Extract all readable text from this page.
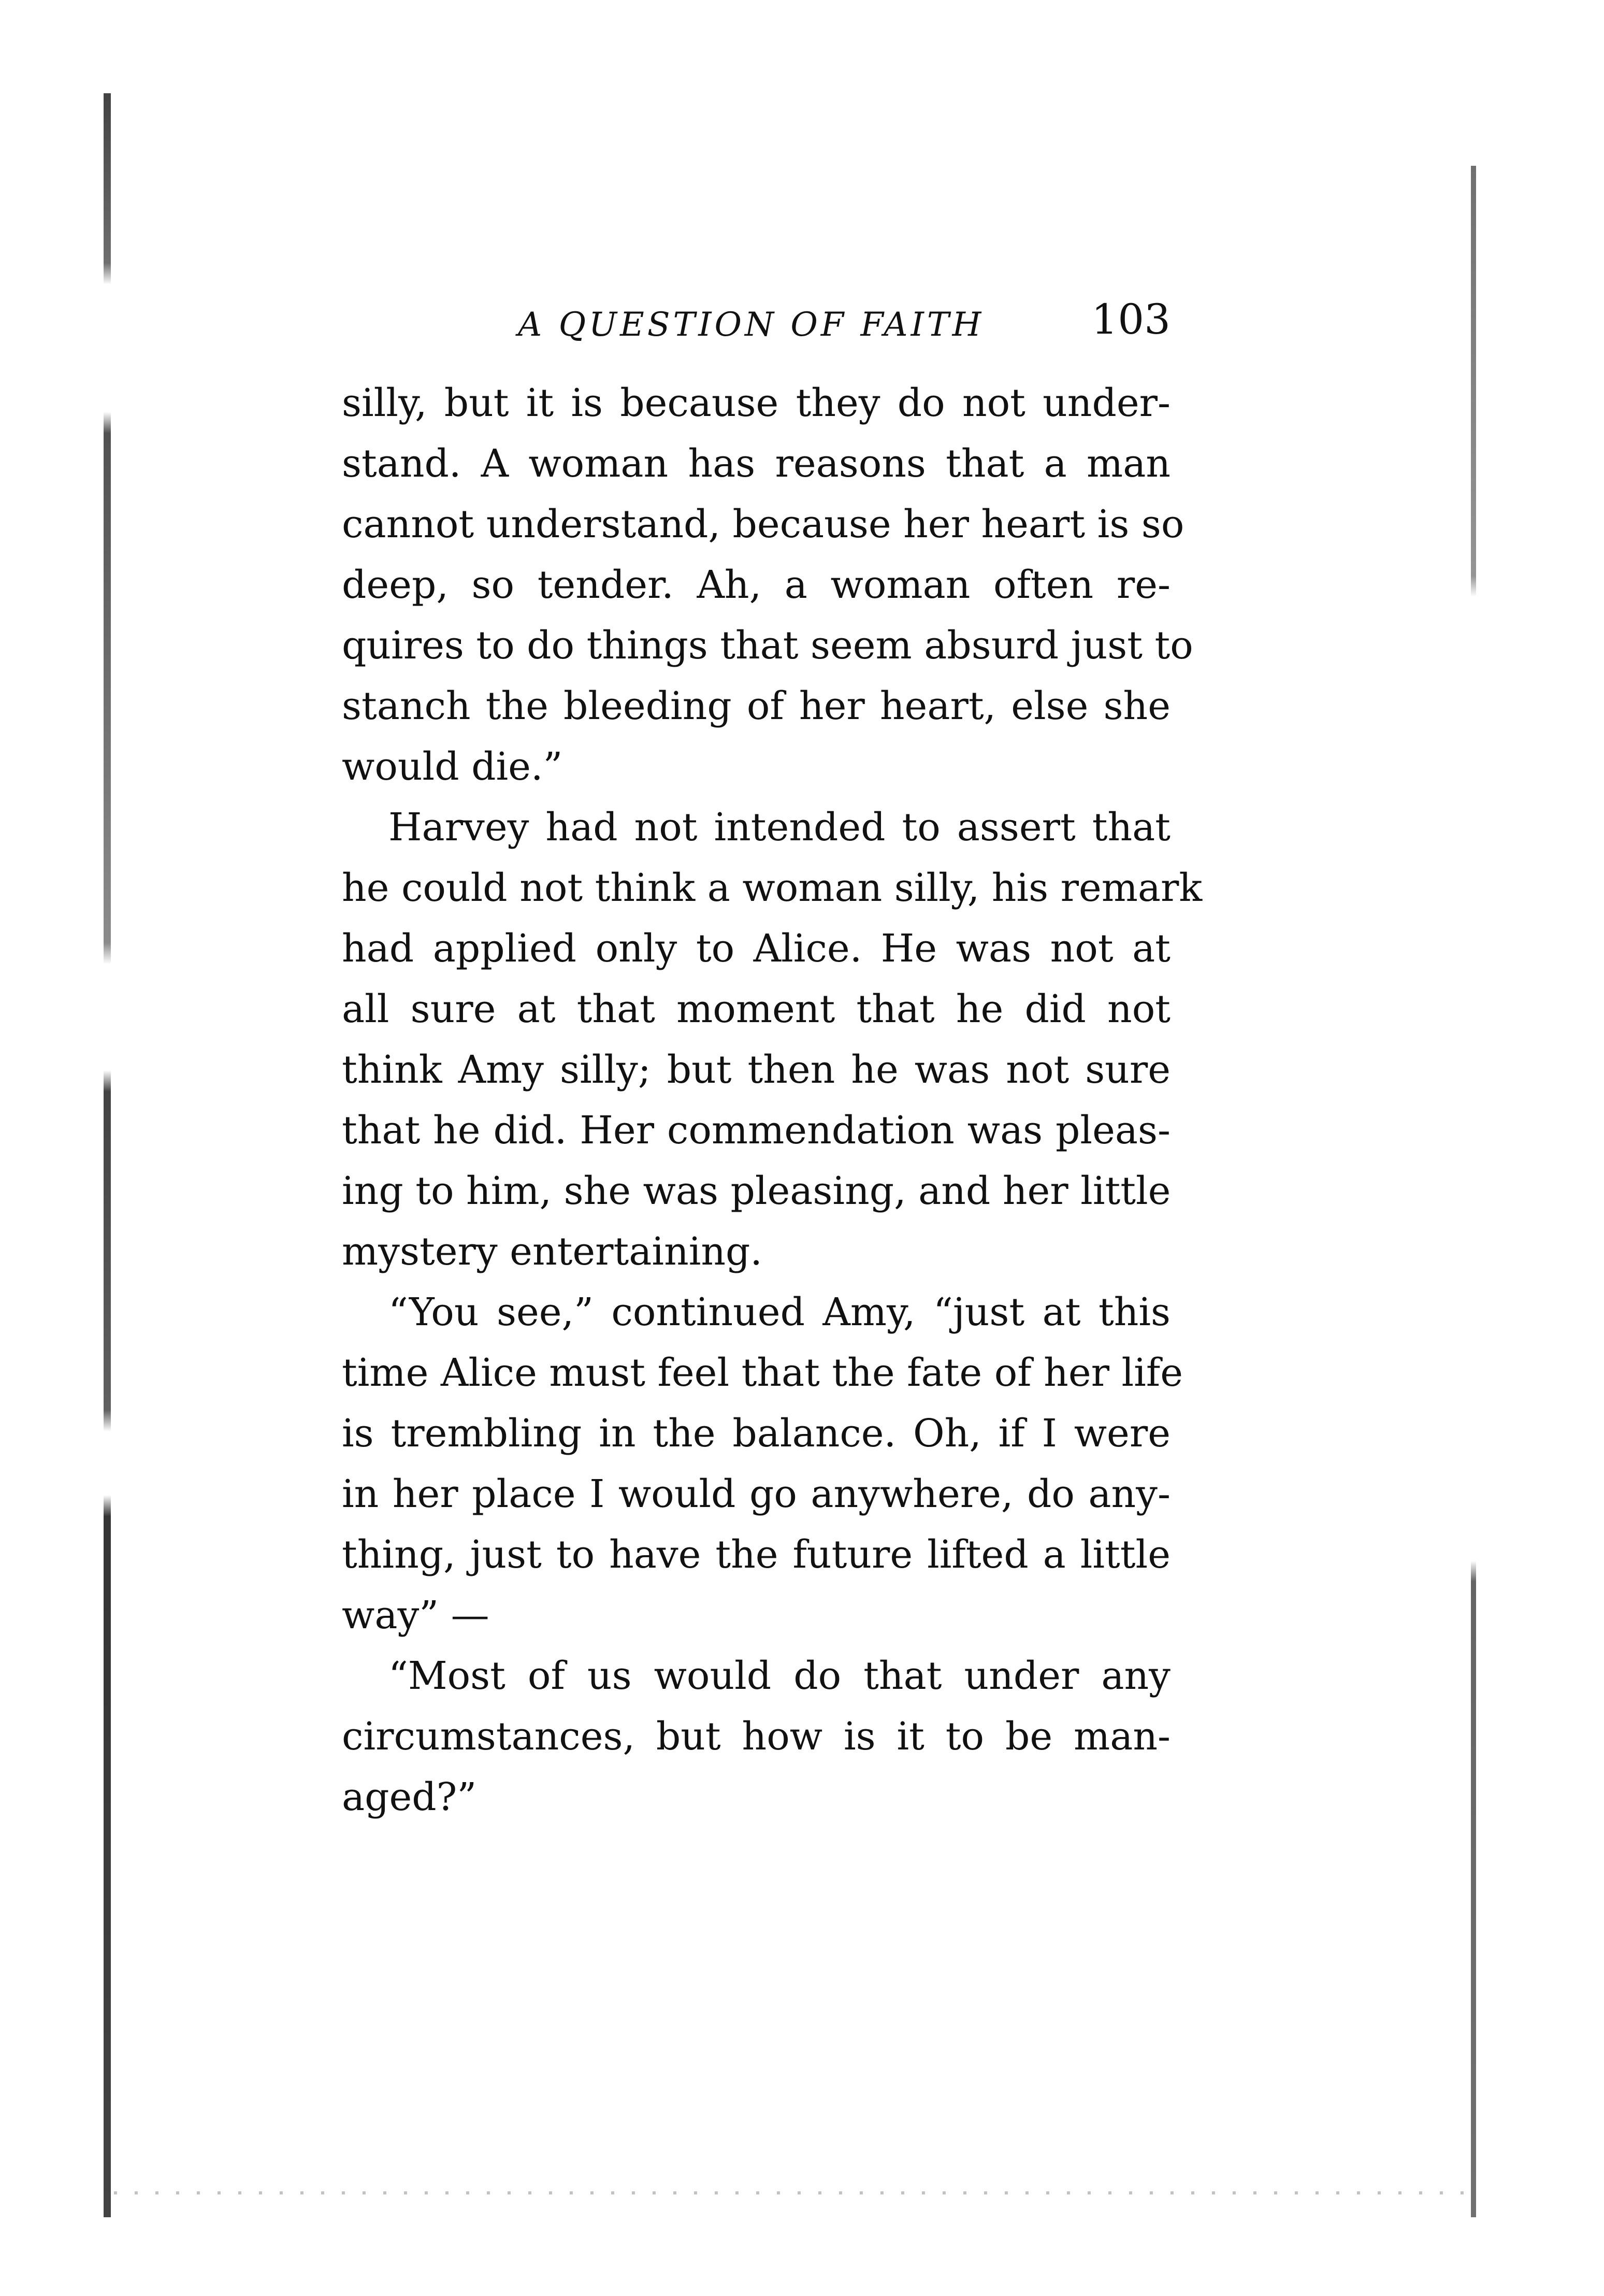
A QUESTION OF FAITH	103
silly, but it is because they do not under-
stand. A woman has reasons that a man
cannot understand, because her heart is so
deep, so tender. Ah, a woman often re-
quires to do things that seem absurd just to
stanch the bleeding of her heart, else she
would die.”
Harvey had not intended to assert that
he could not think a woman silly, his remark
had applied only to Alice. He was not at
all sure at that moment that he did not
think Amy silly; but then he was not sure
that he did. Her commendation was pleas-
ing to him, she was pleasing, and her little
mystery entertaining.
“You see,” continued Amy, “just at this
time Alice must feel that the fate of her life
is trembling in the balance. Oh, if I were
in her place I would go anywhere, do any-
thing, just to have the future lifted a little
way” —
“Most of us would do that under any
circumstances, but how is it to be man-
aged?”
